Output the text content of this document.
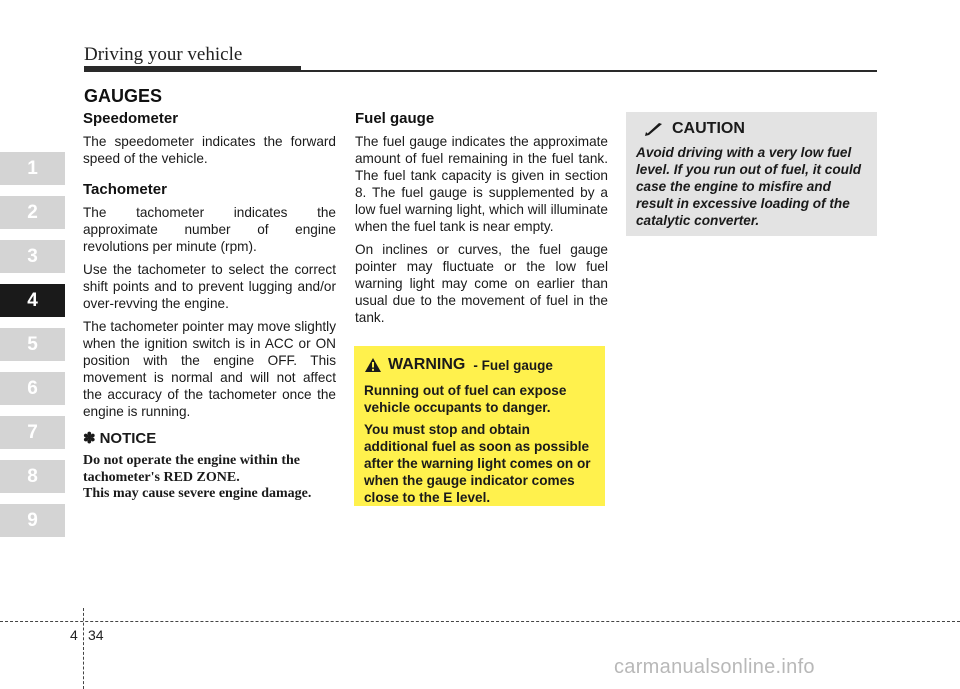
Driving your vehicle
GAUGES
1
2
3
4
5
6
7
8
9
Speedometer

The speedometer indicates the forward speed of the vehicle.

Tachometer

The tachometer indicates the approximate number of engine revolutions per minute (rpm).

Use the tachometer to select the correct shift points and to prevent lugging and/or over-revving the engine.

The tachometer pointer may move slightly when the ignition switch is in ACC or ON position with the engine OFF. This movement is normal and will not affect the accuracy of the tachometer once the engine is running.

✽ NOTICE
Do not operate the engine within the tachometer's RED ZONE.
This may cause severe engine damage.
Fuel gauge

The fuel gauge indicates the approximate amount of fuel remaining in the fuel tank. The fuel tank capacity is given in section 8. The fuel gauge is supplemented by a low fuel warning light, which will illuminate when the fuel tank is near empty.

On inclines or curves, the fuel gauge pointer may fluctuate or the low fuel warning light may come on earlier than usual due to the movement of fuel in the tank.

WARNING - Fuel gauge

Running out of fuel can expose vehicle occupants to danger.

You must stop and obtain additional fuel as soon as possible after the warning light comes on or when the gauge indicator comes close to the E level.

CAUTION
Avoid driving with a very low fuel level. If you run out of fuel, it could case the engine to misfire and result in excessive loading of the catalytic converter.
4 34
carmanualsonline.info
